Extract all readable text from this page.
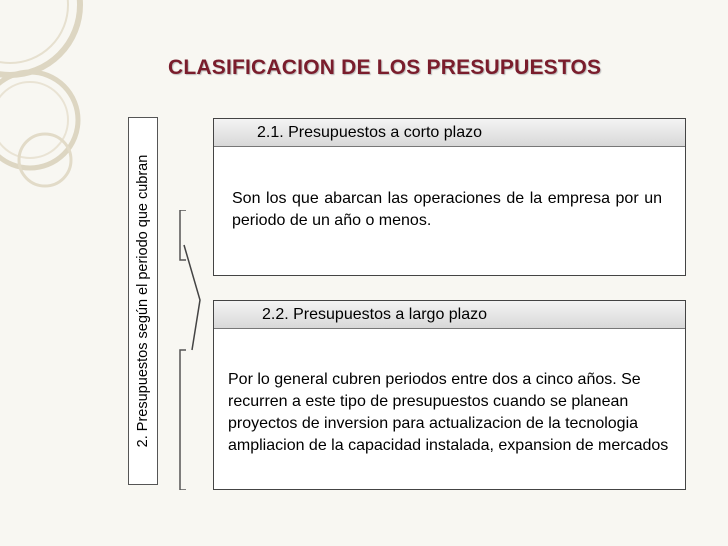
CLASIFICACION DE LOS PRESUPUESTOS
2. Presupuestos según el periodo que cubran
2.1. Presupuestos a corto plazo
Son los que abarcan las operaciones de la empresa por un periodo de un año o menos.
2.2. Presupuestos a largo plazo
Por lo general cubren periodos entre dos a cinco años. Se
recurren a este tipo de presupuestos cuando se planean
proyectos de inversion para actualizacion de la tecnologia
ampliacion de la capacidad instalada, expansion de mercados
